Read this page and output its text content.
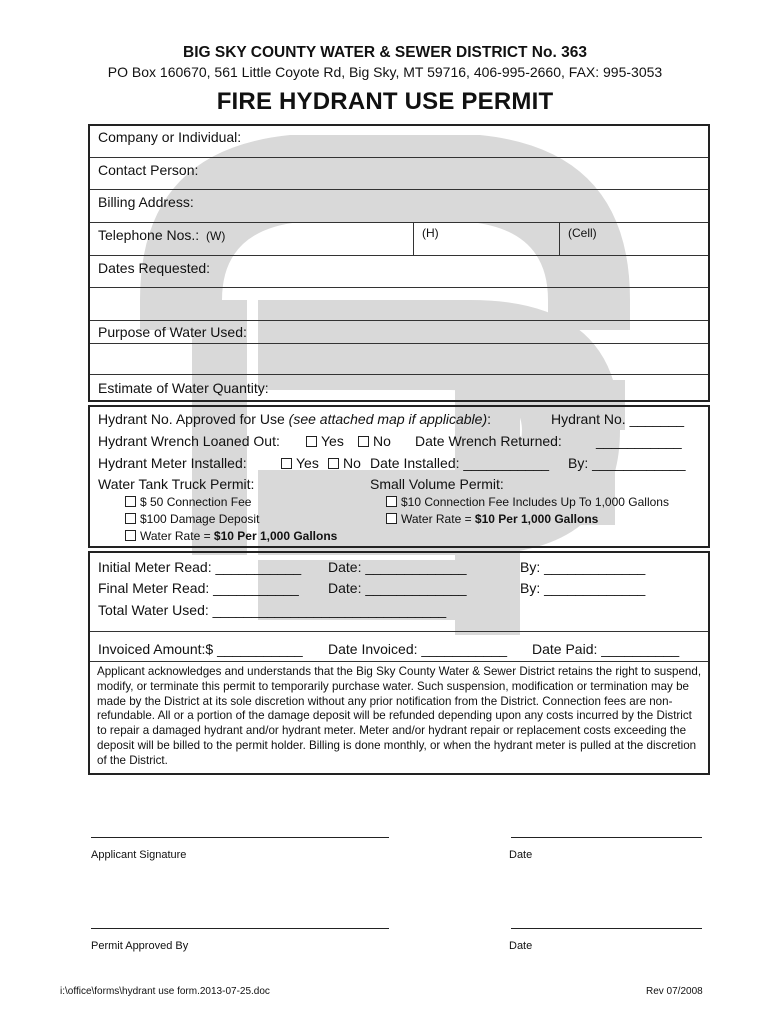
BIG SKY COUNTY WATER & SEWER DISTRICT No. 363
PO Box 160670, 561 Little Coyote Rd, Big Sky, MT 59716, 406-995-2660, FAX: 995-3053
FIRE HYDRANT USE PERMIT
Company or Individual:
Contact Person:
Billing Address:
Telephone Nos.: (W)	(H)	(Cell)
Dates Requested:
Purpose of Water Used:
Estimate of Water Quantity:
Hydrant No. Approved for Use (see attached map if applicable):	Hydrant No. _______
Hydrant Wrench Loaned Out:	Yes	No Date Wrench Returned: ___________
Hydrant Meter Installed:	Yes	No Date Installed: ___________ By: ____________
Water Tank Truck Permit:	Small Volume Permit:
$ 50 Connection Fee
$100 Damage Deposit
Water Rate = $10 Per 1,000 Gallons
$10 Connection Fee Includes Up To 1,000 Gallons
Water Rate = $10 Per 1,000 Gallons
Initial Meter Read: ___________ Date: _____________	By: _____________
Final Meter Read: ___________ Date: _____________	By: _____________
Total Water Used: ______________________________
Invoiced Amount:$ ___________ Date Invoiced: ___________ Date Paid: __________
Applicant acknowledges and understands that the Big Sky County Water & Sewer District retains the right to suspend, modify, or terminate this permit to temporarily purchase water. Such suspension, modification or termination may be made by the District at its sole discretion without any prior notification from the District. Connection fees are non-refundable. All or a portion of the damage deposit will be refunded depending upon any costs incurred by the District to repair a damaged hydrant and/or hydrant meter. Meter and/or hydrant repair or replacement costs exceeding the deposit will be billed to the permit holder. Billing is done monthly, or when the hydrant meter is pulled at the discretion of the District.
Applicant Signature	Date
Permit Approved By	Date
i:\office\forms\hydrant use form.2013-07-25.doc	Rev 07/2008
